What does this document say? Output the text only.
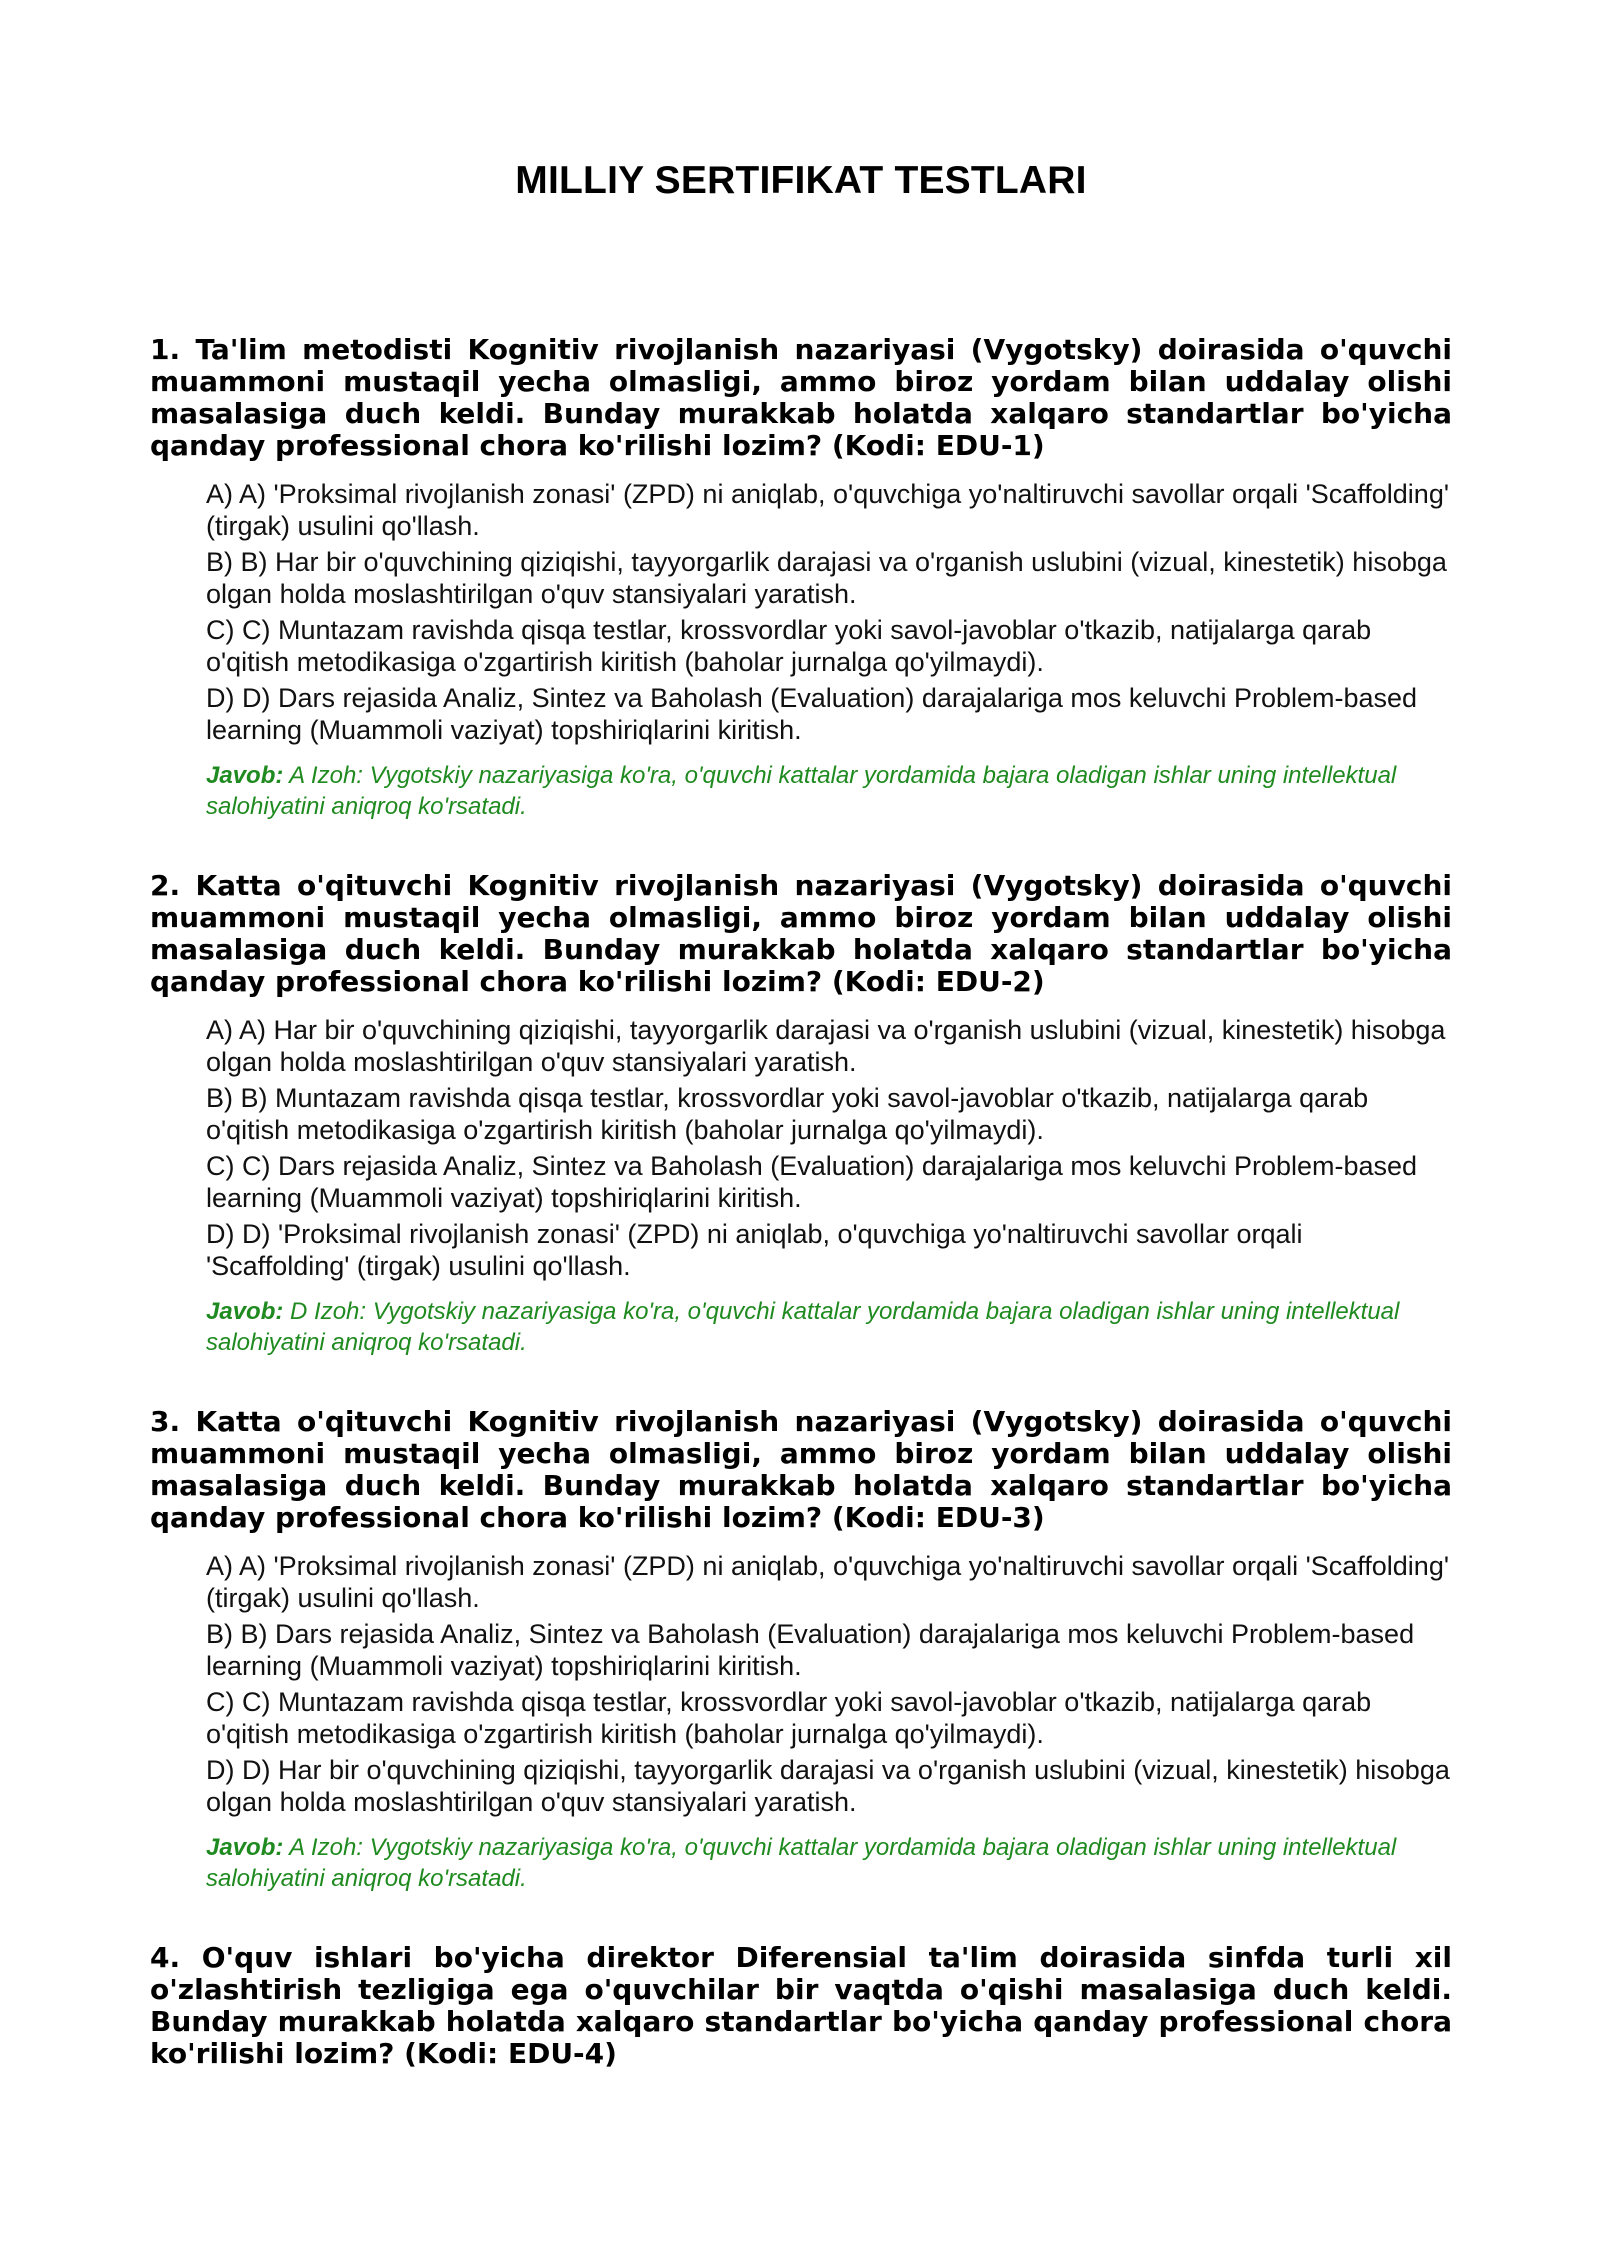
MILLIY SERTIFIKAT TESTLARI

1. Ta'lim metodisti Kognitiv rivojlanish nazariyasi (Vygotsky) doirasida o'quvchi muammoni mustaqil yecha olmasligi, ammo biroz yordam bilan uddalay olishi masalasiga duch keldi. Bunday murakkab holatda xalqaro standartlar bo'yicha qanday professional chora ko'rilishi lozim? (Kodi: EDU-1)

A) A) 'Proksimal rivojlanish zonasi' (ZPD) ni aniqlab, o'quvchiga yo'naltiruvchi savollar orqali 'Scaffolding' (tirgak) usulini qo'llash.
B) B) Har bir o'quvchining qiziqishi, tayyorgarlik darajasi va o'rganish uslubini (vizual, kinestetik) hisobga olgan holda moslashtirilgan o'quv stansiyalari yaratish.
C) C) Muntazam ravishda qisqa testlar, krossvordlar yoki savol-javoblar o'tkazib, natijalarga qarab o'qitish metodikasiga o'zgartirish kiritish (baholar jurnalga qo'yilmaydi).
D) D) Dars rejasida Analiz, Sintez va Baholash (Evaluation) darajalariga mos keluvchi Problem-based learning (Muammoli vaziyat) topshiriqlarini kiritish.

Javob: A Izoh: Vygotskiy nazariyasiga ko'ra, o'quvchi kattalar yordamida bajara oladigan ishlar uning intellektual salohiyatini aniqroq ko'rsatadi.

2. Katta o'qituvchi Kognitiv rivojlanish nazariyasi (Vygotsky) doirasida o'quvchi muammoni mustaqil yecha olmasligi, ammo biroz yordam bilan uddalay olishi masalasiga duch keldi. Bunday murakkab holatda xalqaro standartlar bo'yicha qanday professional chora ko'rilishi lozim? (Kodi: EDU-2)

A) A) Har bir o'quvchining qiziqishi, tayyorgarlik darajasi va o'rganish uslubini (vizual, kinestetik) hisobga olgan holda moslashtirilgan o'quv stansiyalari yaratish.
B) B) Muntazam ravishda qisqa testlar, krossvordlar yoki savol-javoblar o'tkazib, natijalarga qarab o'qitish metodikasiga o'zgartirish kiritish (baholar jurnalga qo'yilmaydi).
C) C) Dars rejasida Analiz, Sintez va Baholash (Evaluation) darajalariga mos keluvchi Problem-based learning (Muammoli vaziyat) topshiriqlarini kiritish.
D) D) 'Proksimal rivojlanish zonasi' (ZPD) ni aniqlab, o'quvchiga yo'naltiruvchi savollar orqali 'Scaffolding' (tirgak) usulini qo'llash.

Javob: D Izoh: Vygotskiy nazariyasiga ko'ra, o'quvchi kattalar yordamida bajara oladigan ishlar uning intellektual salohiyatini aniqroq ko'rsatadi.

3. Katta o'qituvchi Kognitiv rivojlanish nazariyasi (Vygotsky) doirasida o'quvchi muammoni mustaqil yecha olmasligi, ammo biroz yordam bilan uddalay olishi masalasiga duch keldi. Bunday murakkab holatda xalqaro standartlar bo'yicha qanday professional chora ko'rilishi lozim? (Kodi: EDU-3)

A) A) 'Proksimal rivojlanish zonasi' (ZPD) ni aniqlab, o'quvchiga yo'naltiruvchi savollar orqali 'Scaffolding' (tirgak) usulini qo'llash.
B) B) Dars rejasida Analiz, Sintez va Baholash (Evaluation) darajalariga mos keluvchi Problem-based learning (Muammoli vaziyat) topshiriqlarini kiritish.
C) C) Muntazam ravishda qisqa testlar, krossvordlar yoki savol-javoblar o'tkazib, natijalarga qarab o'qitish metodikasiga o'zgartirish kiritish (baholar jurnalga qo'yilmaydi).
D) D) Har bir o'quvchining qiziqishi, tayyorgarlik darajasi va o'rganish uslubini (vizual, kinestetik) hisobga olgan holda moslashtirilgan o'quv stansiyalari yaratish.

Javob: A Izoh: Vygotskiy nazariyasiga ko'ra, o'quvchi kattalar yordamida bajara oladigan ishlar uning intellektual salohiyatini aniqroq ko'rsatadi.

4. O'quv ishlari bo'yicha direktor Diferensial ta'lim doirasida sinfda turli xil o'zlashtirish tezligiga ega o'quvchilar bir vaqtda o'qishi masalasiga duch keldi. Bunday murakkab holatda xalqaro standartlar bo'yicha qanday professional chora ko'rilishi lozim? (Kodi: EDU-4)
